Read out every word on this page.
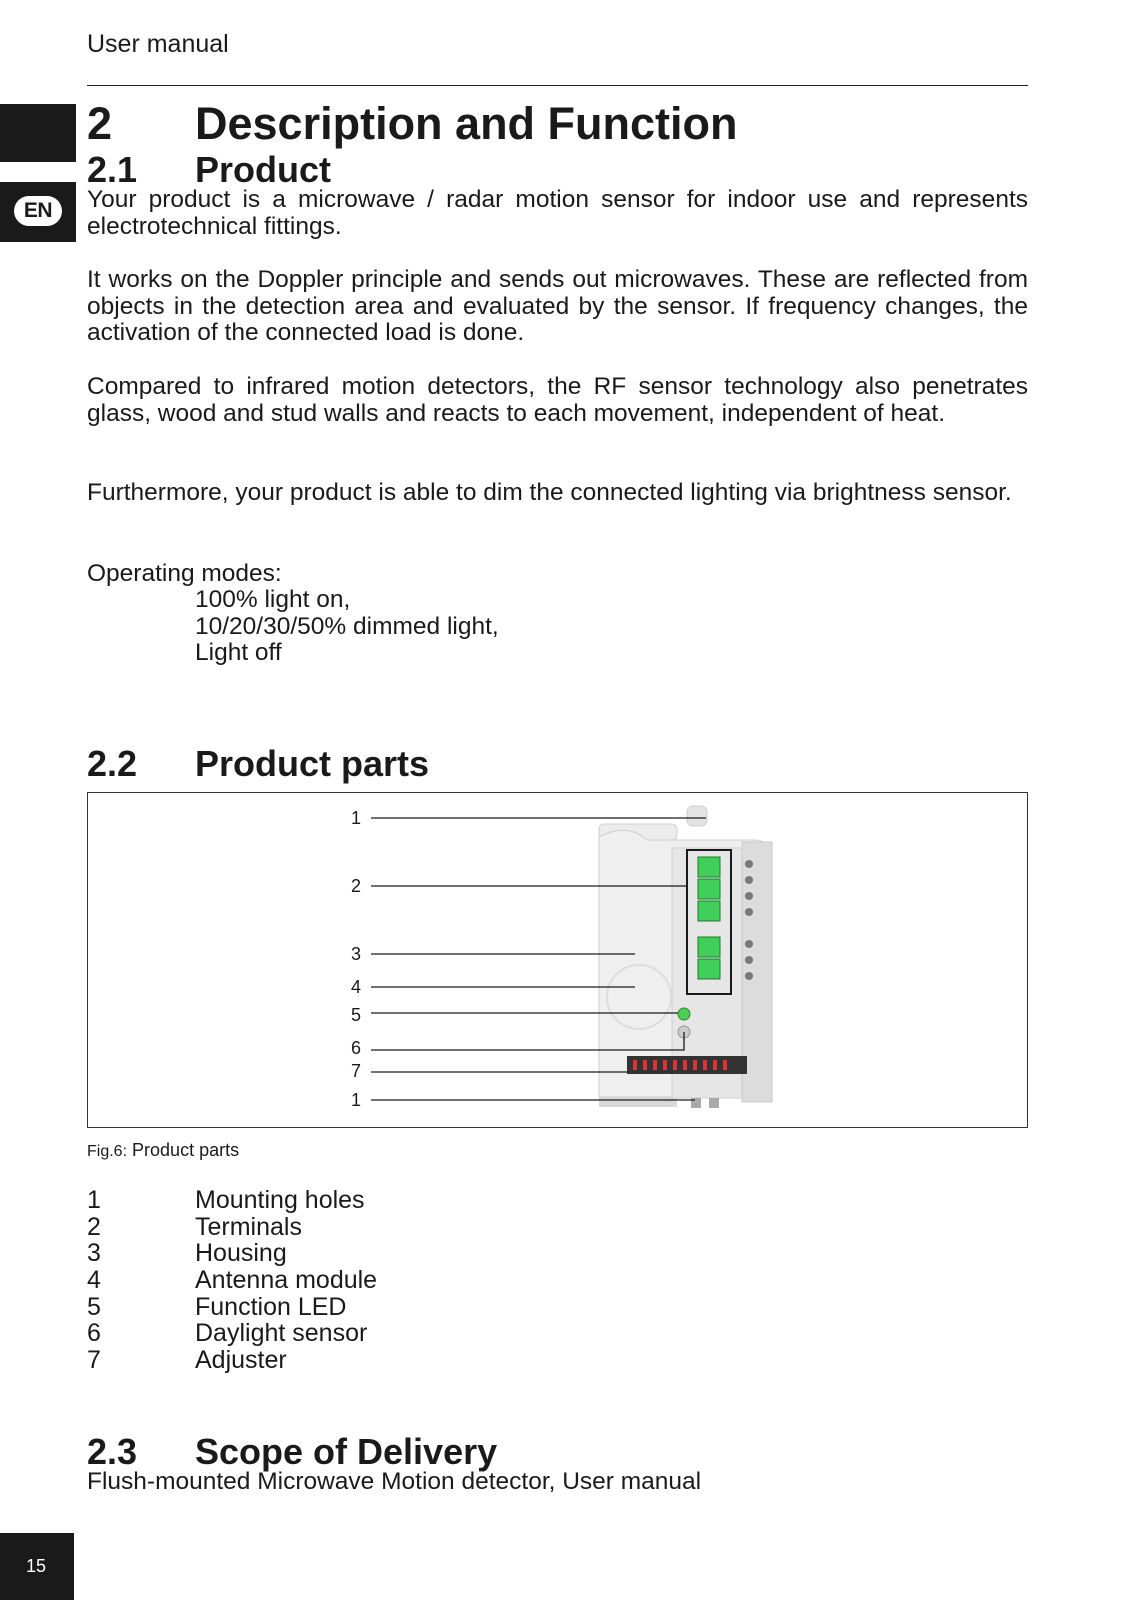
User manual
EN
2 Description and Function
2.1 Product

Your product is a microwave / radar motion sensor for indoor use and represents electrotechnical fittings.

It works on the Doppler principle and sends out microwaves. These are reflected from objects in the detection area and evaluated by the sensor. If frequency changes, the activation of the connected load is done.

Compared to infrared motion detectors, the RF sensor technology also penetrates glass, wood and stud walls and reacts to each movement, independent of heat.

Furthermore, your product is able to dim the connected lighting via brightness sensor.

Operating modes:

100% light on,
10/20/30/50% dimmed light,
Light off
2.2 Product parts
1
2
3
4
5
6
7
1
Fig.6: Product parts
1	Mounting holes
2	Terminals
3	Housing
4	Antenna module
5	Function LED
6	Daylight sensor
7	Adjuster
2.3 Scope of Delivery

Flush-mounted Microwave Motion detector, User manual

15
